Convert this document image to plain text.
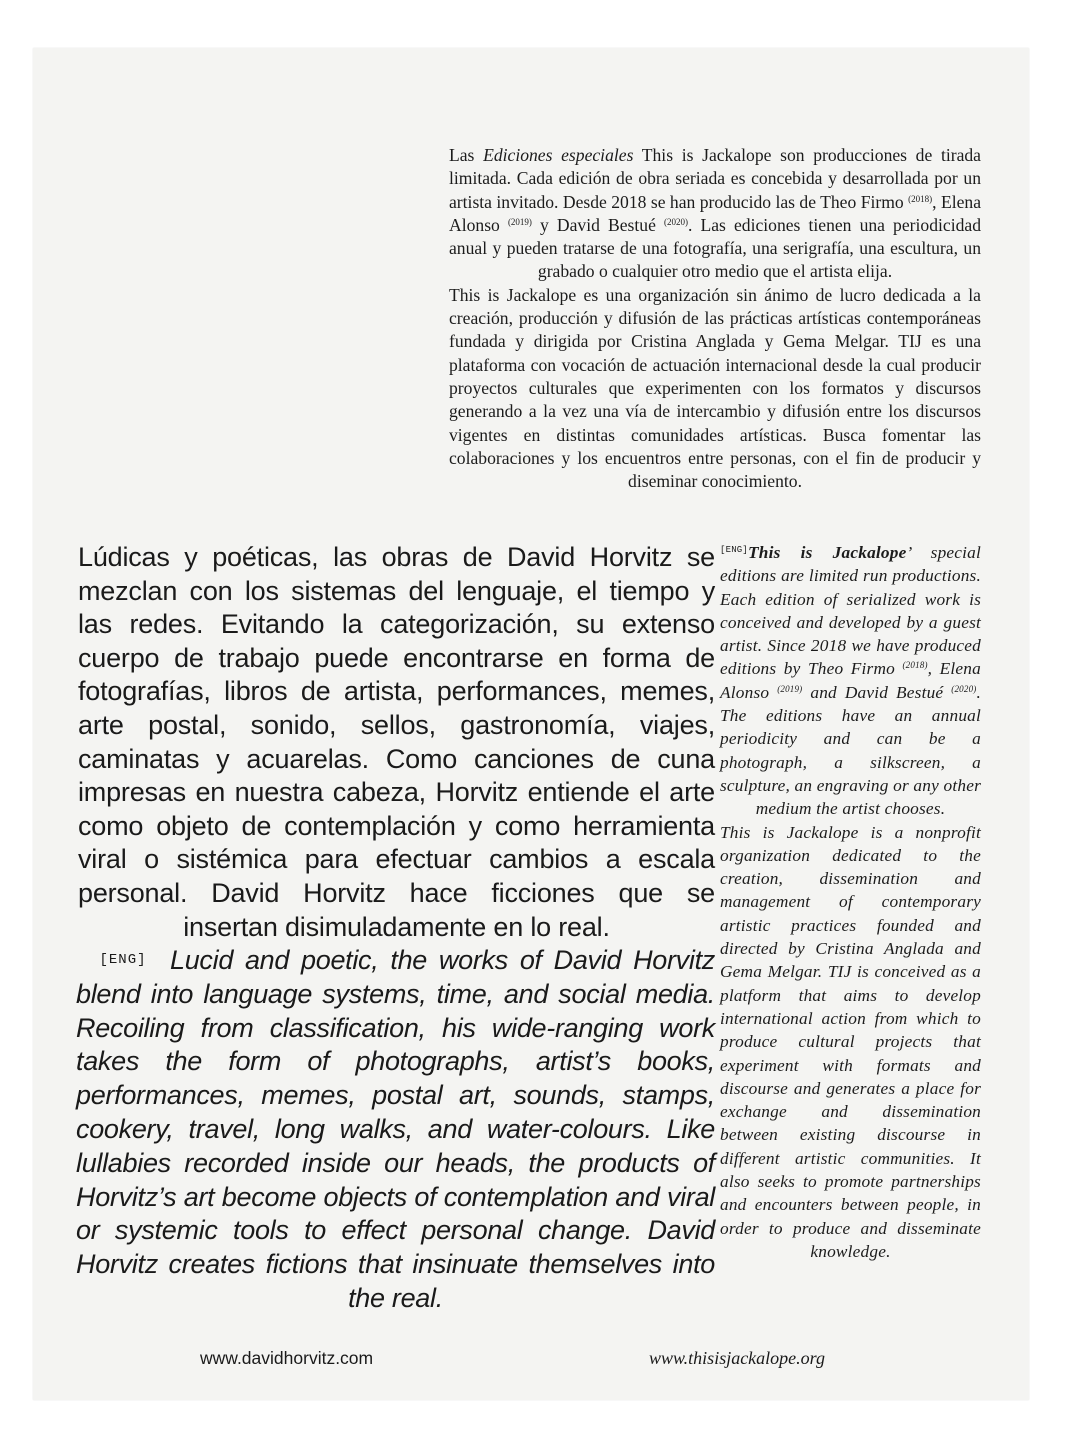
Las Ediciones especiales This is Jackalope son producciones de tirada limitada. Cada edición de obra seriada es concebida y desarrollada por un artista invitado. Desde 2018 se han producido las de Theo Firmo $^{(2018)}$, Elena Alonso $^{(2019)}$ y David Bestué $^{(2020)}$. Las ediciones tienen una periodicidad anual y pueden tratarse de una fotografía, una serigrafía, una escultura, un grabado o cualquier otro medio que el artista elija.

This is Jackalope es una organización sin ánimo de lucro dedicada a la creación, producción y difusión de las prácticas artísticas contemporáneas fundada y dirigida por Cristina Anglada y Gema Melgar. TIJ es una plataforma con vocación de actuación internacional desde la cual producir proyectos culturales que experimenten con los formatos y discursos generando a la vez una vía de intercambio y difusión entre los discursos vigentes en distintas comunidades artísticas. Busca fomentar las colaboraciones y los encuentros entre personas, con el fin de producir y diseminar conocimiento.

Lúdicas y poéticas, las obras de David Horvitz se mezclan con los sistemas del lenguaje, el tiempo y las redes. Evitando la categorización, su extenso cuerpo de trabajo puede encontrarse en forma de fotografías, libros de artista, performances, memes, arte postal, sonido, sellos, gastronomía, viajes, caminatas y acuarelas. Como canciones de cuna impresas en nuestra cabeza, Horvitz entiende el arte como objeto de contemplación y como herramienta viral o sistémica para efectuar cambios a escala personal. David Horvitz hace ficciones que se insertan disimuladamente en lo real.
[ENG] Lucid and poetic, the works of David Horvitz blend into language systems, time, and social media. Recoiling from classification, his wide-ranging work takes the form of photographs, artist’s books, performances, memes, postal art, sounds, stamps, cookery, travel, long walks, and water-colours. Like lullabies recorded inside our heads, the products of Horvitz’s art become objects of contemplation and viral or systemic tools to effect personal change. David Horvitz creates fictions that insinuate themselves into the real.

[ENG]This is Jackalope’ special editions are limited run productions. Each edition of serialized work is conceived and developed by a guest artist. Since 2018 we have produced editions by Theo Firmo $^{(2018)}$, Elena Alonso $^{(2019)}$ and David Bestué $^{(2020)}$. The editions have an annual periodicity and can be a photograph, a silkscreen, a sculpture, an engraving or any other medium the artist chooses.

This is Jackalope is a nonprofit organization dedicated to the creation, dissemination and management of contemporary artistic practices founded and directed by Cristina Anglada and Gema Melgar. TIJ is conceived as a platform that aims to develop international action from which to produce cultural projects that experiment with formats and discourse and generates a place for exchange and dissemination between existing discourse in different artistic communities. It also seeks to promote partnerships and encounters between people, in order to produce and disseminate knowledge.

www.davidhorvitz.com	www.thisisjackalope.org
